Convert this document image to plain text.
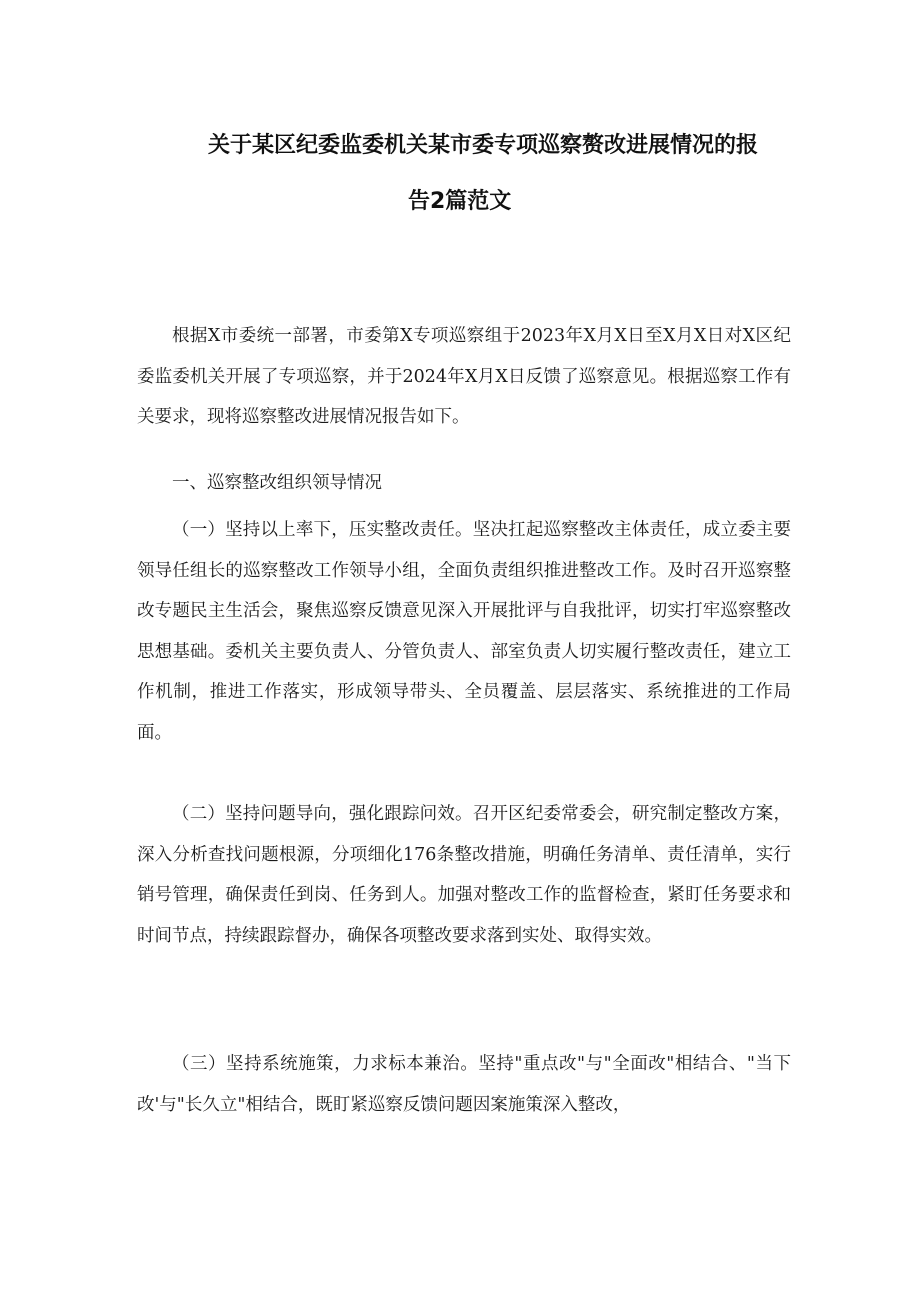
关于某区纪委监委机关某市委专项巡察赘改进展情况的报
告2篇范文

根据X市委统一部署，市委第X专项巡察组于2023年X月X日至X月X日对X区纪委监委机关开展了专项巡察，并于2024年X月X日反馈了巡察意见。根据巡察工作有关要求，现将巡察整改进展情况报告如下。

一、巡察整改组织领导情况

（一）坚持以上率下，压实整改责任。坚决扛起巡察整改主体责任，成立委主要领导任组长的巡察整改工作领导小组，全面负责组织推进整改工作。及时召开巡察整改专题民主生活会，聚焦巡察反馈意见深入开展批评与自我批评，切实打牢巡察整改思想基础。委机关主要负责人、分管负责人、部室负责人切实履行整改责任，建立工作机制，推进工作落实，形成领导带头、全员覆盖、层层落实、系统推进的工作局面。

（二）坚持问题导向，强化跟踪问效。召开区纪委常委会，研究制定整改方案，深入分析查找问题根源，分项细化176条整改措施，明确任务清单、责任清单，实行销号管理，确保责任到岗、任务到人。加强对整改工作的监督检查，紧盯任务要求和时间节点，持续跟踪督办，确保各项整改要求落到实处、取得实效。

（三）坚持系统施策，力求标本兼治。坚持"重点改"与"全面改"相结合、"当下改'与"长久立"相结合，既盯紧巡察反馈问题因案施策深入整改，
